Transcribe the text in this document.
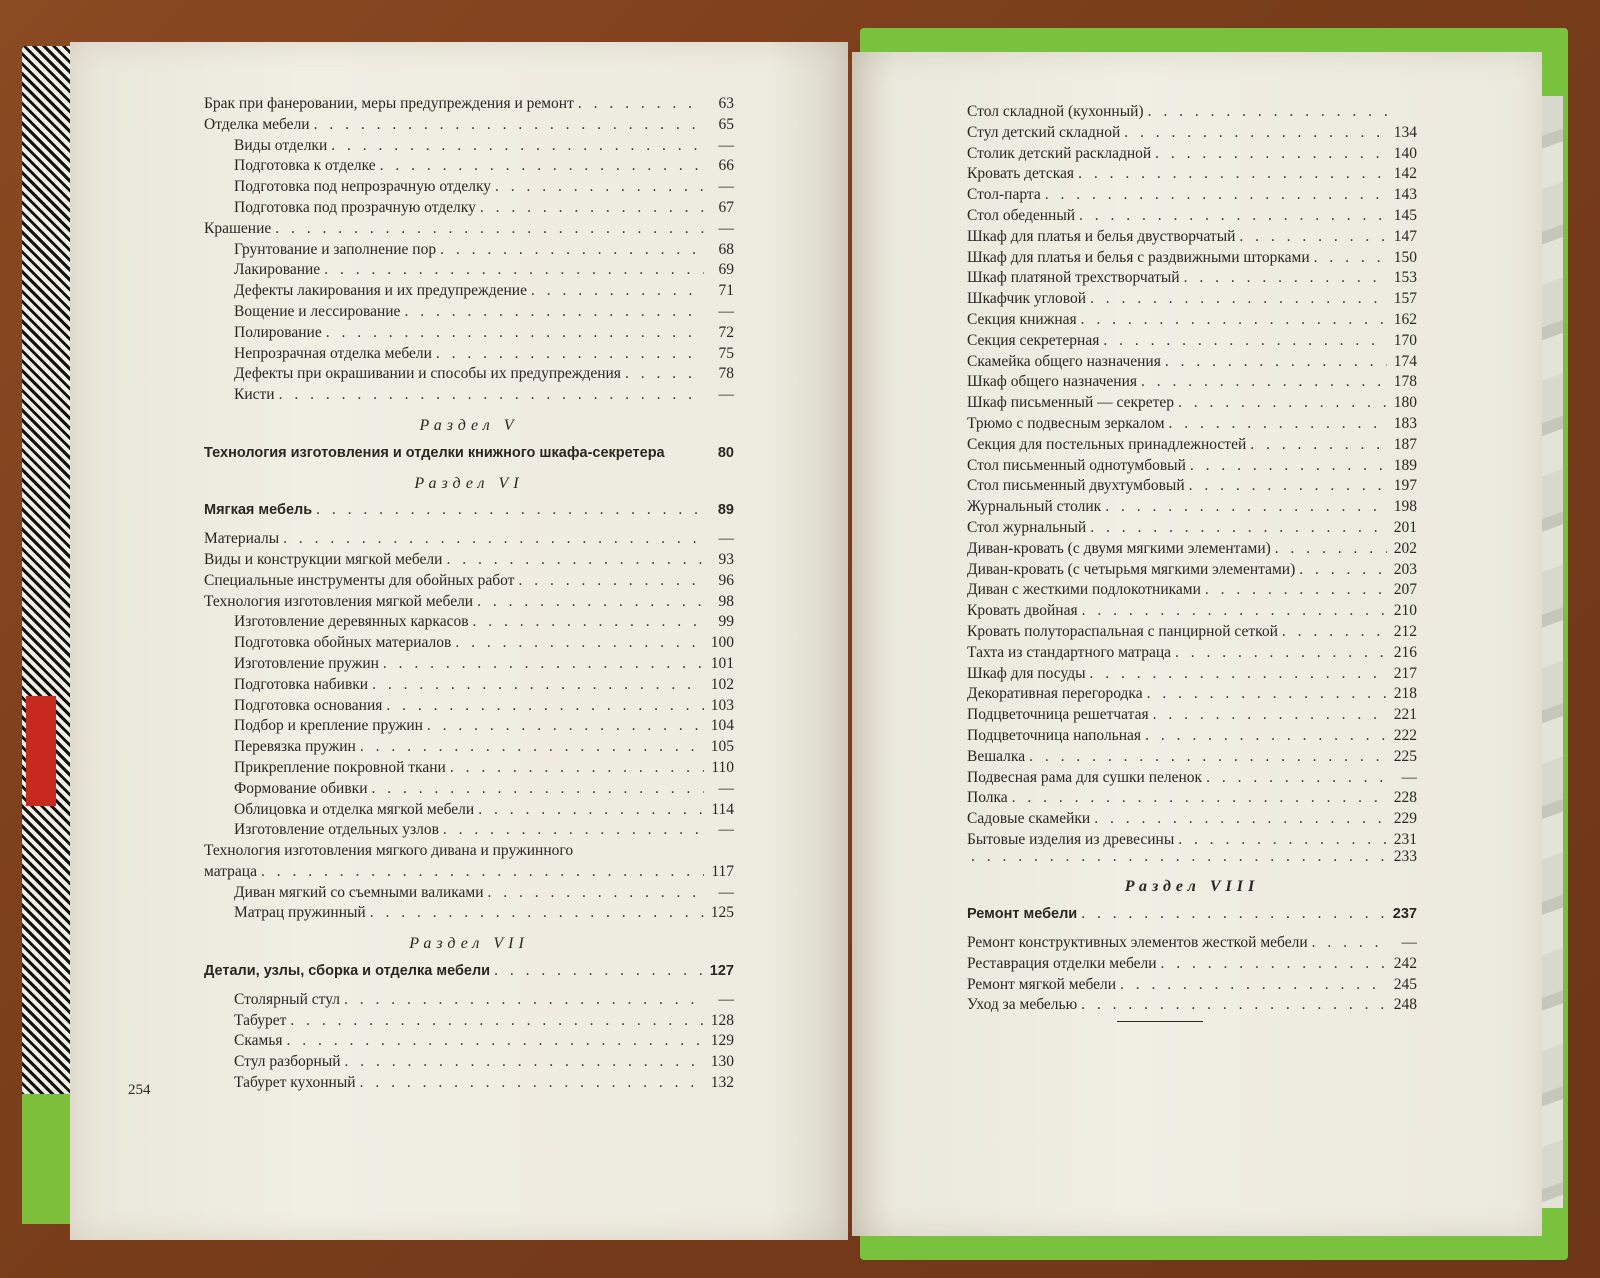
Брак при фанеровании, меры предупреждения и ремонт . . .	63
Отделка мебели . . .	65
Виды отделки . . .	—
Подготовка к отделке . . .	66
Подготовка под непрозрачную отделку . . .	—
Подготовка под прозрачную отделку . . .	67
Крашение . . .	—
Грунтование и заполнение пор . . .	68
Лакирование . . .	69
Дефекты лакирования и их предупреждение . . .	71
Вощение и лессирование . . .	—
Полирование . . .	72
Непрозрачная отделка мебели . . .	75
Дефекты при окрашивании и способы их предупреждения . . .	78
Кисти . . .	—
Раздел V
Технология изготовления и отделки книжного шкафа-секретера	80
Раздел VI
Мягкая мебель . . .	89
Материалы . . .	—
Виды и конструкции мягкой мебели . . .	93
Специальные инструменты для обойных работ . . .	96
Технология изготовления мягкой мебели . . .	98
Изготовление деревянных каркасов . . .	99
Подготовка обойных материалов . . .	100
Изготовление пружин . . .	101
Подготовка набивки . . .	102
Подготовка основания . . .	103
Подбор и крепление пружин . . .	104
Перевязка пружин . . .	105
Прикрепление покровной ткани . . .	110
Формование обивки . . .	—
Облицовка и отделка мягкой мебели . . .	114
Изготовление отдельных узлов . . .	—
Технология изготовления мягкого дивана и пружинного
матраца . . .	117
Диван мягкий со съемными валиками . . .	—
Матрац пружинный . . .	125
Раздел VII
Детали, узлы, сборка и отделка мебели . . .	127
Столярный стул . . .	—
Табурет . . .	128
Скамья . . .	129
Стул разборный . . .	130
Табурет кухонный . . .	132
254
Стол складной (кухонный)
. . .
Стул детский складной . . .	134
Столик детский раскладной . . .	140
Кровать детская . . .	142
Стол-парта . . .	143
Стол обеденный . . .	145
Шкаф для платья и белья двустворчатый . . .	147
Шкаф для платья и белья с раздвижными шторками . . .	150
Шкаф платяной трехстворчатый . . .	153
Шкафчик угловой . . .	157
Секция книжная . . .	162
Секция секретерная . . .	170
Скамейка общего назначения . . .	174
Шкаф общего назначения . . .	178
Шкаф письменный — секретер . . .	180
Трюмо с подвесным зеркалом . . .	183
Секция для постельных принадлежностей . . .	187
Стол письменный однотумбовый . . .	189
Стол письменный двухтумбовый . . .	197
Журнальный столик . . .	198
Стол журнальный . . .	201
Диван-кровать (с двумя мягкими элементами) . . .	202
Диван-кровать (с четырьмя мягкими элементами) . . .	203
Диван с жесткими подлокотниками . . .	207
Кровать двойная . . .	210
Кровать полутораспальная с панцирной сеткой . . .	212
Тахта из стандартного матраца . . .	216
Шкаф для посуды . . .	217
Декоративная перегородка . . .	218
Подцветочница решетчатая . . .	221
Подцветочница напольная . . .	222
Вешалка . . .	225
Подвесная рама для сушки пеленок . . .	—
Полка . . .	228
Садовые скамейки . . .	229
Бытовые изделия из древесины . . .	231
. . .
233
Раздел VIII
Ремонт мебели . . .	237
Ремонт конструктивных элементов жесткой мебели . . .	—
Реставрация отделки мебели . . .	242
Ремонт мягкой мебели . . .	245
Уход за мебелью . . .	248
